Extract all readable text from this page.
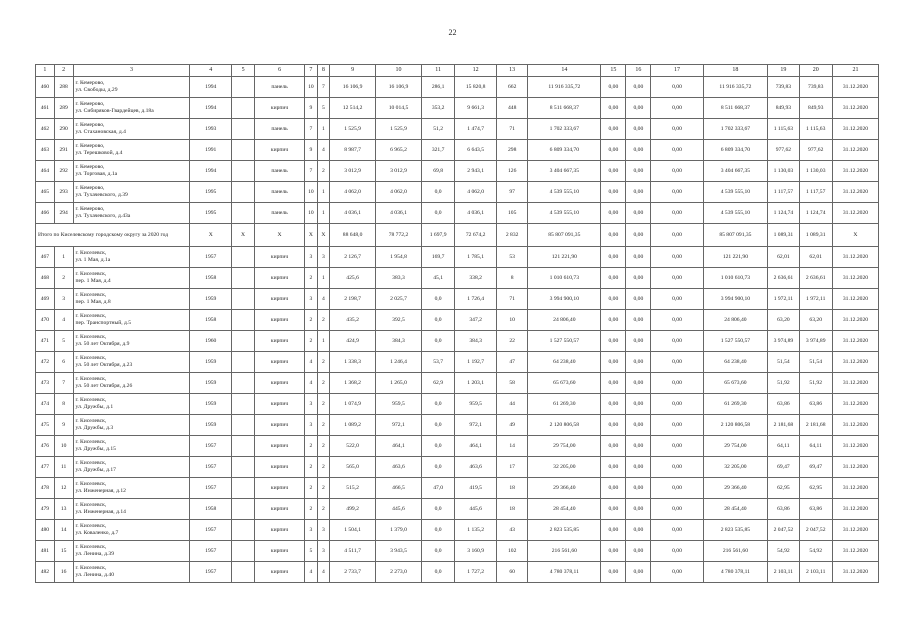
22
1	2	3	4	5	6	7	8	9	10	11	12	13	14	15	16	17	18	19	20	21
460	288	г. Кемерово,
ул. Свободы, д.29	1994		панель	10	7	16 106,9	16 106,9	286,1	15 820,8	662	11 916 335,72	0,00	0,00	0,00	11 916 335,72	739,83	739,83	31.12.2020
461	289	г. Кемерово,
ул. Сибиряков-Гвардейцев, д.18а	1994		кирпич	9	5	12 514,2	10 014,5	353,2	9 661,3	448	8 511 668,37	0,00	0,00	0,00	8 511 668,37	849,93	849,93	31.12.2020
462	290	г. Кемерово,
ул. Стахановская, д.4	1993		панель	7	1	1 525,9	1 525,9	51,2	1 474,7	71	1 702 333,67	0,00	0,00	0,00	1 702 333,67	1 115,63	1 115,63	31.12.2020
463	291	г. Кемерово,
ул. Терешковой, д.4	1991		кирпич	9	4	8 987,7	6 965,2	321,7	6 643,5	298	6 809 334,70	0,00	0,00	0,00	6 809 334,70	977,62	977,62	31.12.2020
464	292	г. Кемерово,
ул. Торговая, д.1а	1994		панель	7	2	3 012,9	3 012,9	69,8	2 943,1	126	3 404 667,35	0,00	0,00	0,00	3 404 667,35	1 130,03	1 130,03	31.12.2020
465	293	г. Кемерово,
ул. Тухачевского, д.39	1995		панель	10	1	4 062,0	4 062,0	0,0	4 062,0	97	4 539 555,10	0,00	0,00	0,00	4 539 555,10	1 117,57	1 117,57	31.12.2020
466	294	г. Кемерово,
ул. Тухачевского, д.43а	1995		панель	10	1	4 036,1	4 036,1	0,0	4 036,1	105	4 539 555,10	0,00	0,00	0,00	4 539 555,10	1 124,74	1 124,74	31.12.2020
Итого по Киселевскому городскому округу за 2020 год			X	X	X	X	X	88 648,0	78 772,2	1 697,9	72 674,2	2 832	85 807 091,35	0,00	0,00	0,00	85 807 091,35	1 089,31	1 089,31	X
467	1	г. Киселевск,
ул. 1 Мая, д.1а	1957		кирпич	3	3	2 126,7	1 954,8	169,7	1 785,1	53	121 221,90	0,00	0,00	0,00	121 221,90	62,01	62,01	31.12.2020
468	2	г. Киселевск,
пер. 1 Мая, д.4	1958		кирпич	2	1	425,6	383,3	45,1	338,2	8	1 010 610,73	0,00	0,00	0,00	1 010 610,73	2 636,61	2 636,61	31.12.2020
469	3	г. Киселевск,
пер. 1 Мая, д.8	1959		кирпич	3	4	2 198,7	2 025,7	0,0	1 726,4	71	3 994 900,10	0,00	0,00	0,00	3 994 900,10	1 972,11	1 972,11	31.12.2020
470	4	г. Киселевск,
пер. Транспортный, д.5	1958		кирпич	2	2	435,2	392,5	0,0	347,2	10	24 806,40	0,00	0,00	0,00	24 806,40	63,20	63,20	31.12.2020
471	5	г. Киселевск,
ул. 50 лет Октября, д.9	1960		кирпич	2	1	424,9	384,3	0,0	384,3	22	1 527 550,57	0,00	0,00	0,00	1 527 550,57	3 974,89	3 974,89	31.12.2020
472	6	г. Киселевск,
ул. 50 лет Октября, д.23	1959		кирпич	4	2	1 338,3	1 246,4	53,7	1 192,7	47	64 238,40	0,00	0,00	0,00	64 238,40	51,54	51,54	31.12.2020
473	7	г. Киселевск,
ул. 50 лет Октября, д.26	1959		кирпич	4	2	1 368,2	1 265,0	62,9	1 203,1	58	65 673,60	0,00	0,00	0,00	65 673,60	51,92	51,92	31.12.2020
474	8	г. Киселевск,
ул. Дружбы, д.1	1959		кирпич	3	2	1 074,9	959,5	0,0	959,5	44	61 269,30	0,00	0,00	0,00	61 269,30	63,86	63,86	31.12.2020
475	9	г. Киселевск,
ул. Дружбы, д.3	1959		кирпич	3	2	1 089,2	972,1	0,0	972,1	49	2 120 806,58	0,00	0,00	0,00	2 120 806,58	2 181,68	2 181,68	31.12.2020
476	10	г. Киселевск,
ул. Дружбы, д.15	1957		кирпич	2	2	522,0	464,1	0,0	464,1	14	29 754,00	0,00	0,00	0,00	29 754,00	64,11	64,11	31.12.2020
477	11	г. Киселевск,
ул. Дружбы, д.17	1957		кирпич	2	2	565,0	463,6	0,0	463,6	17	32 205,00	0,00	0,00	0,00	32 205,00	69,47	69,47	31.12.2020
478	12	г. Киселевск,
ул. Инженерная, д.12	1957		кирпич	2	2	515,2	466,5	47,0	419,5	18	29 366,40	0,00	0,00	0,00	29 366,40	62,95	62,95	31.12.2020
479	13	г. Киселевск,
ул. Инженерная, д.14	1958		кирпич	2	2	499,2	445,6	0,0	445,6	18	28 454,40	0,00	0,00	0,00	28 454,40	63,86	63,86	31.12.2020
480	14	г. Киселевск,
ул. Коваленко, д.7	1957		кирпич	3	3	1 504,1	1 379,0	0,0	1 135,2	43	2 823 535,85	0,00	0,00	0,00	2 823 535,85	2 047,52	2 047,52	31.12.2020
481	15	г. Киселевск,
ул. Ленина, д.39	1957		кирпич	5	3	4 511,7	3 943,5	0,0	3 160,9	102	216 561,60	0,00	0,00	0,00	216 561,60	54,92	54,92	31.12.2020
482	16	г. Киселевск,
ул. Ленина, д.40	1957		кирпич	4	4	2 733,7	2 273,0	0,0	1 727,2	60	4 780 378,11	0,00	0,00	0,00	4 780 378,11	2 103,11	2 103,11	31.12.2020
